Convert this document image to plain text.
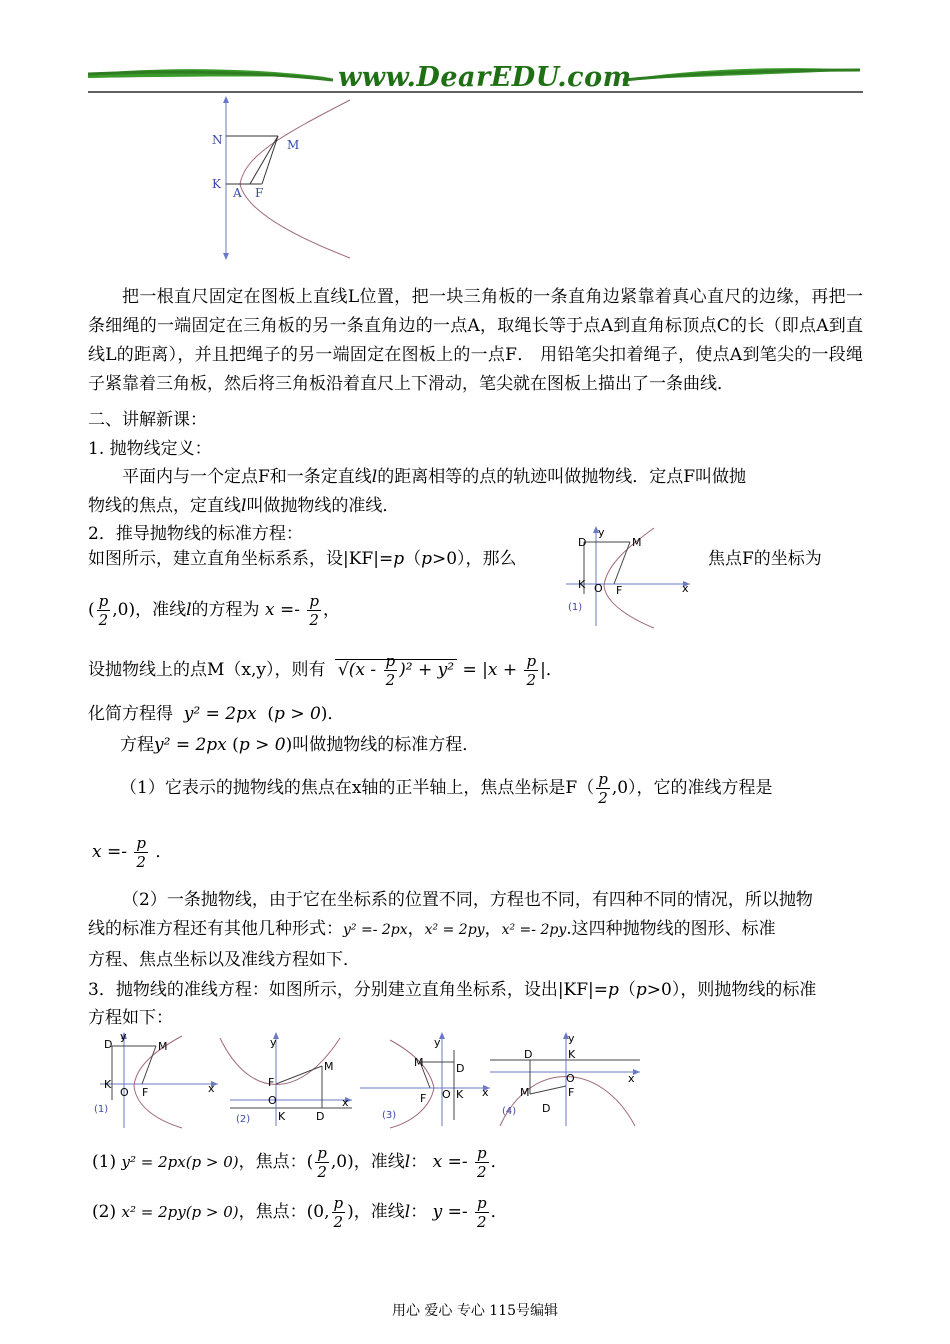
www.DearEDU.com
N	M
K
A F
把一根直尺固定在图板上直线L位置，把一块三角板的一条直角边紧靠着真心直尺的边缘，再把一条细绳的一端固定在三角板的另一条直角边的一点A，取绳长等于点A到直角标顶点C的长（即点A到直线L的距离），并且把绳子的另一端固定在图板上的一点F． 用铅笔尖扣着绳子，使点A到笔尖的一段绳子紧靠着三角板，然后将三角板沿着直尺上下滑动，笔尖就在图板上描出了一条曲线．
二、讲解新课：
1. 抛物线定义：
平面内与一个定点F和一条定直线l的距离相等的点的轨迹叫做抛物线．定点F叫做抛
物线的焦点，定直线l叫做抛物线的准线．
2．推导抛物线的标准方程：
如图所示，建立直角坐标系系，设|KF|=p（p>0），那么	焦点F的坐标为
D
y
M
K O F	x
(1)
( $\frac{p}{2} ,0$)，准线l的方程为 $x =- \frac{p}{2}$ ，
设抛物线上的点M（x,y），则有 $√(x - \frac{p}{2} )^2 + y^2 = |x + \frac{p}{2}$ |．
化简方程得  y² = 2px  (p > 0)．
方程y² = 2px (p > 0)叫做抛物线的标准方程．
（1）它表示的抛物线的焦点在x轴的正半轴上，焦点坐标是$F( \frac{p}{2} ,0)$，它的准线方程是
$x =- \frac{p}{2}$ ．
（2）一条抛物线，由于它在坐标系的位置不同，方程也不同，有四种不同的情况，所以抛物
线的标准方程还有其他几种形式：y² =- 2px，x² = 2py，x² =- 2py.这四种抛物线的图形、标准
方程、焦点坐标以及准线方程如下．
3．抛物线的准线方程：如图所示，分别建立直角坐标系，设出|KF|=p（p>0），则抛物线的标准
方程如下：
D
y
M
K
O F	x
(1)
F
y
O
M
K	D
x
(2)
M
y
D
F O K x
(3)
D	K
y
O	x
M	F
D
(4)
(1) y² = 2px(p > 0)，焦点：( $\frac{p}{2} ,0$)，准线l： $x =- \frac{p}{2}$ ．
(2) x² = 2py(p > 0)，焦点：(0, $\frac{p}{2}$ )，准线l： $y =- \frac{p}{2}$ ．
用心 爱心 专心 115号编辑
